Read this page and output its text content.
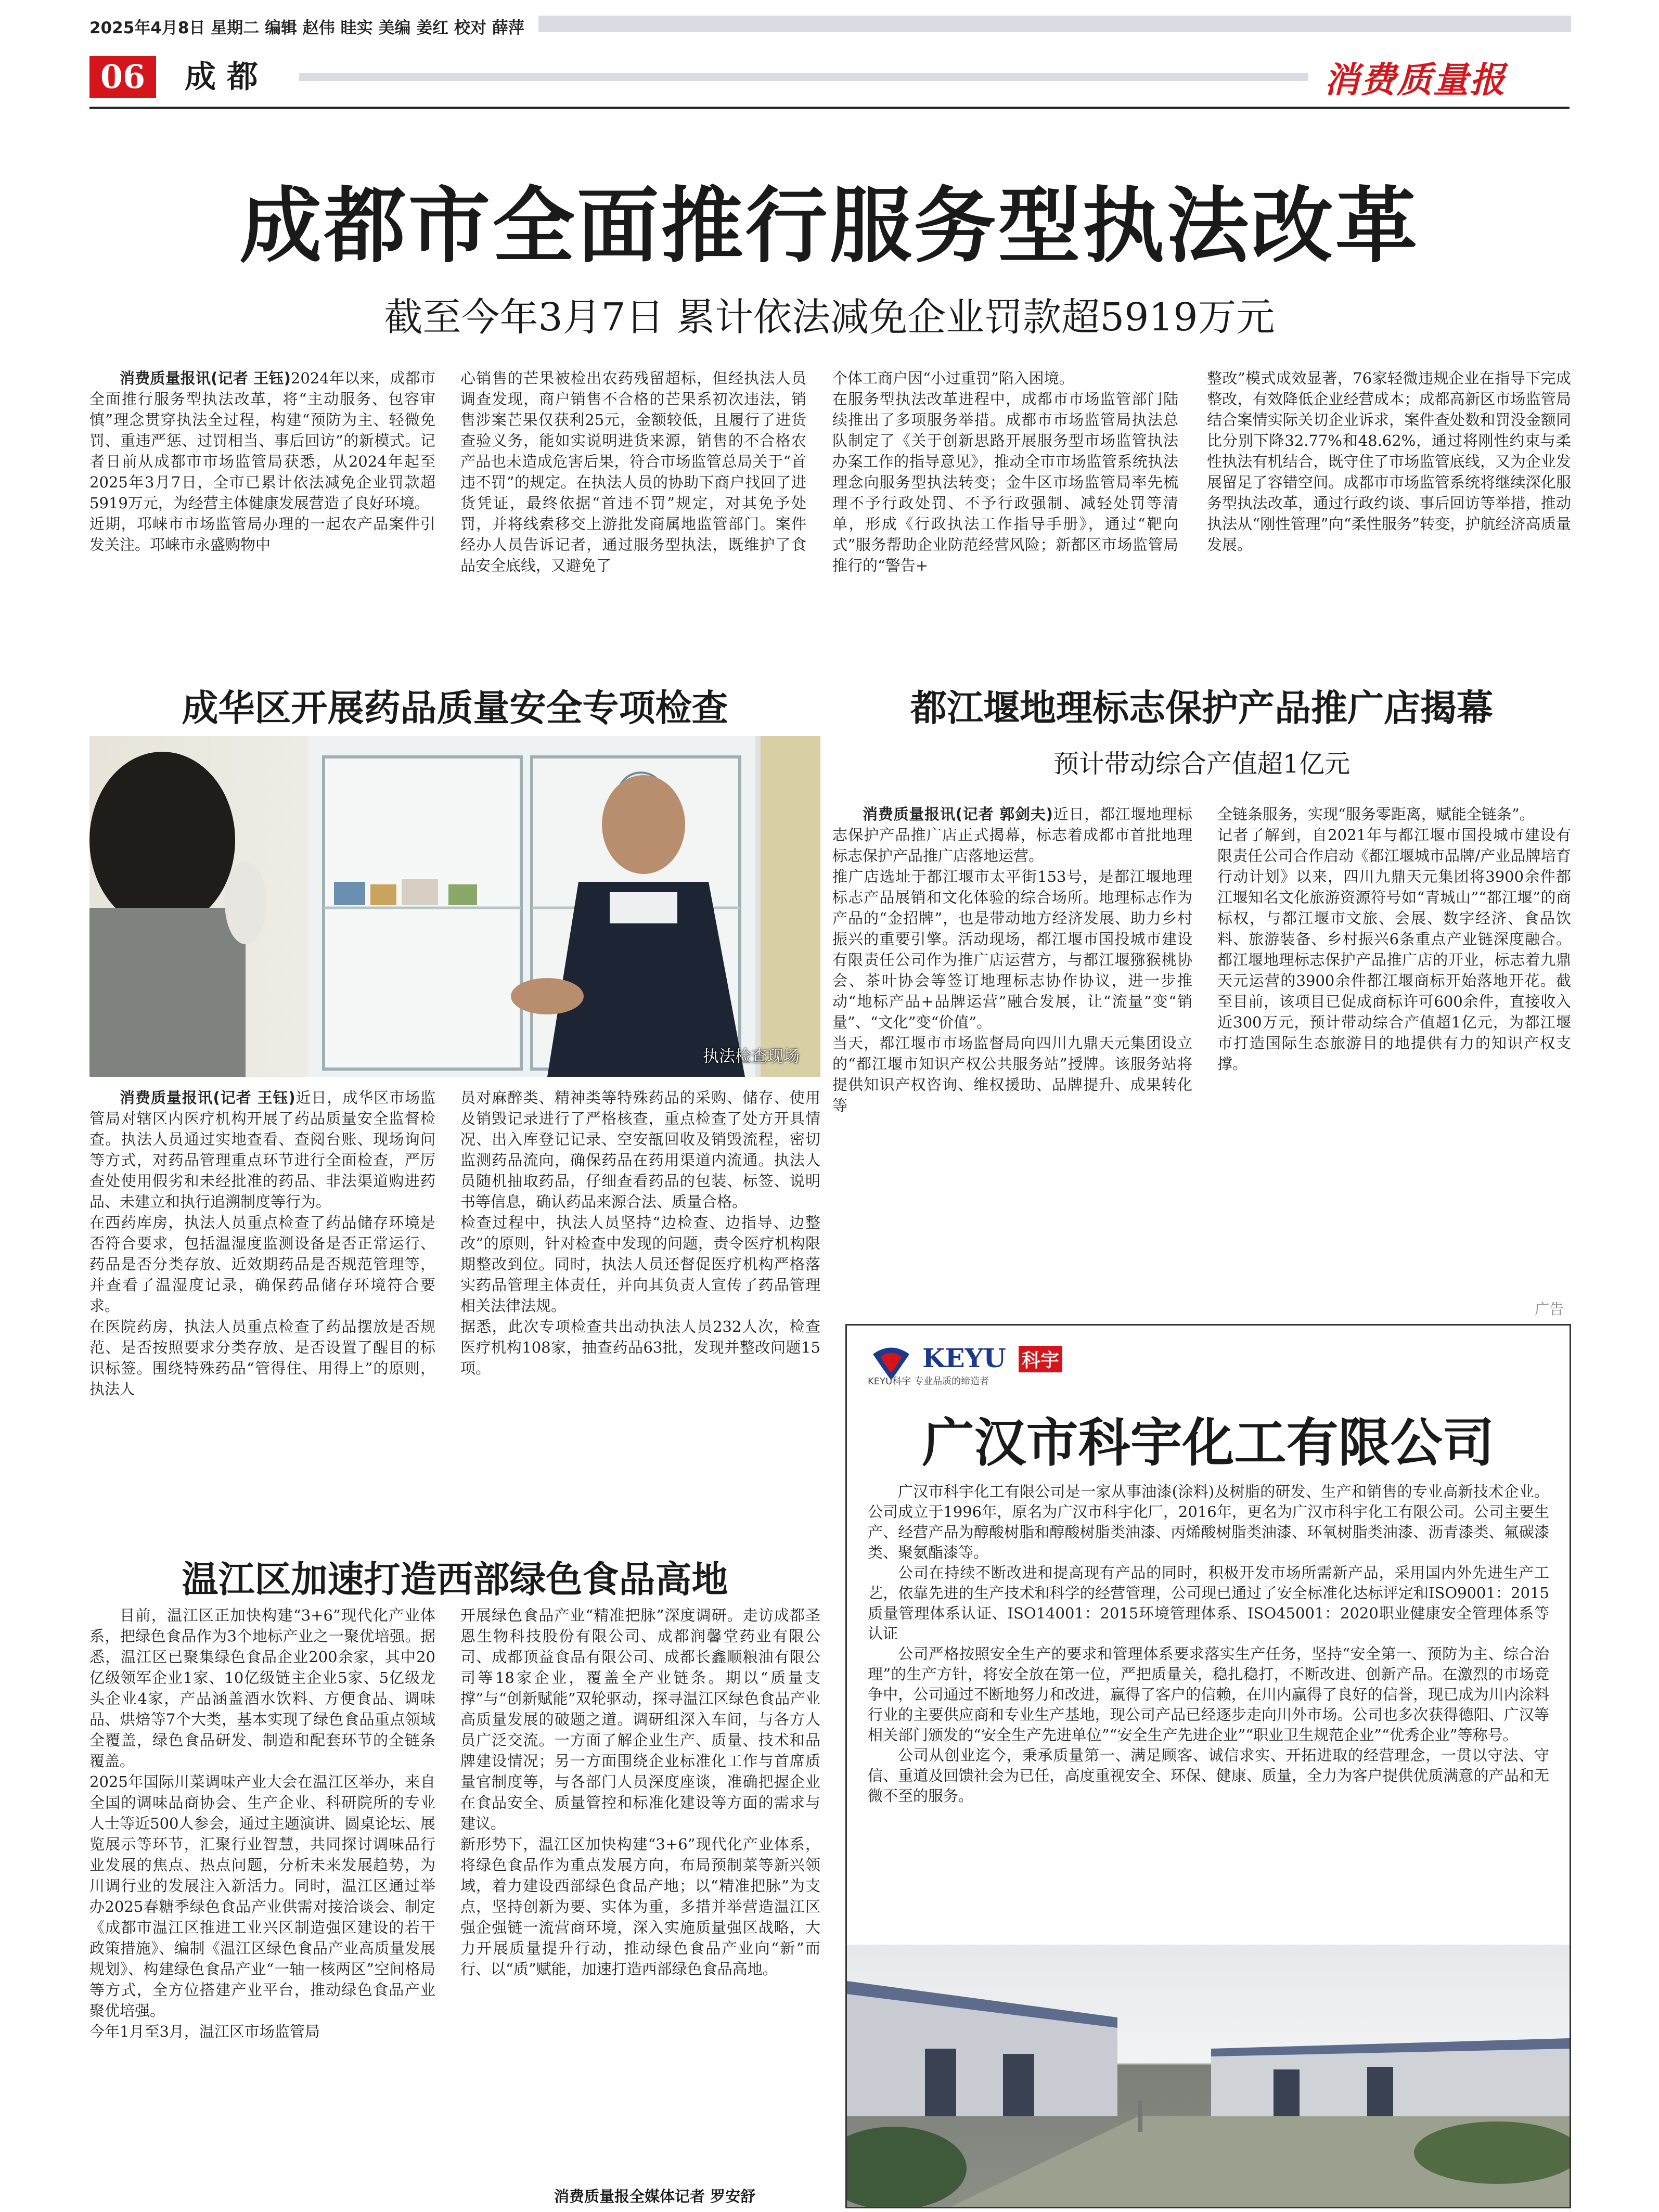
2025年4月8日 星期二 编辑 赵伟 眭实 美编 姜红 校对 薛萍
06	成 都	消费质量报
成都市全面推行服务型执法改革
截至今年3月7日 累计依法减免企业罚款超5919万元

消费质量报讯(记者 王钰)2024年以来，成都市全面推行服务型执法改革，将“主动服务、包容审慎”理念贯穿执法全过程，构建“预防为主、轻微免罚、重违严惩、过罚相当、事后回访”的新模式。记者日前从成都市市场监管局获悉，从2024年起至2025年3月7日，全市已累计依法减免企业罚款超5919万元，为经营主体健康发展营造了良好环境。
近期，邛崃市市场监管局办理的一起农产品案件引发关注。邛崃市永盛购物中

心销售的芒果被检出农药残留超标，但经执法人员调查发现，商户销售不合格的芒果系初次违法，销售涉案芒果仅获利25元，金额较低，且履行了进货查验义务，能如实说明进货来源，销售的不合格农产品也未造成危害后果，符合市场监管总局关于“首违不罚”的规定。在执法人员的协助下商户找回了进货凭证，最终依据“首违不罚”规定，对其免予处罚，并将线索移交上游批发商属地监管部门。案件经办人员告诉记者，通过服务型执法，既维护了食品安全底线，又避免了

个体工商户因“小过重罚”陷入困境。
在服务型执法改革进程中，成都市市场监管部门陆续推出了多项服务举措。成都市市场监管局执法总队制定了《关于创新思路开展服务型市场监管执法办案工作的指导意见》，推动全市市场监管系统执法理念向服务型执法转变；金牛区市场监管局率先梳理不予行政处罚、不予行政强制、减轻处罚等清单，形成《行政执法工作指导手册》，通过“靶向式”服务帮助企业防范经营风险；新都区市场监管局推行的“警告+

整改”模式成效显著，76家轻微违规企业在指导下完成整改，有效降低企业经营成本；成都高新区市场监管局结合案情实际关切企业诉求，案件查处数和罚没金额同比分别下降32.77%和48.62%，通过将刚性约束与柔性执法有机结合，既守住了市场监管底线，又为企业发展留足了容错空间。成都市市场监管系统将继续深化服务型执法改革，通过行政约谈、事后回访等举措，推动执法从“刚性管理”向“柔性服务”转变，护航经济高质量发展。

成华区开展药品质量安全专项检查
执法检查现场

消费质量报讯(记者 王钰)近日，成华区市场监管局对辖区内医疗机构开展了药品质量安全监督检查。执法人员通过实地查看、查阅台账、现场询问等方式，对药品管理重点环节进行全面检查，严厉查处使用假劣和未经批准的药品、非法渠道购进药品、未建立和执行追溯制度等行为。
在西药库房，执法人员重点检查了药品储存环境是否符合要求，包括温湿度监测设备是否正常运行、药品是否分类存放、近效期药品是否规范管理等，并查看了温湿度记录，确保药品储存环境符合要求。
在医院药房，执法人员重点检查了药品摆放是否规范、是否按照要求分类存放、是否设置了醒目的标识标签。围绕特殊药品“管得住、用得上”的原则，执法人

员对麻醉类、精神类等特殊药品的采购、储存、使用及销毁记录进行了严格核查，重点检查了处方开具情况、出入库登记记录、空安瓿回收及销毁流程，密切监测药品流向，确保药品在药用渠道内流通。执法人员随机抽取药品，仔细查看药品的包装、标签、说明书等信息，确认药品来源合法、质量合格。
检查过程中，执法人员坚持“边检查、边指导、边整改”的原则，针对检查中发现的问题，责令医疗机构限期整改到位。同时，执法人员还督促医疗机构严格落实药品管理主体责任，并向其负责人宣传了药品管理相关法律法规。
据悉，此次专项检查共出动执法人员232人次，检查医疗机构108家，抽查药品63批，发现并整改问题15项。

都江堰地理标志保护产品推广店揭幕
预计带动综合产值超1亿元

消费质量报讯(记者 郭剑夫)近日，都江堰地理标志保护产品推广店正式揭幕，标志着成都市首批地理标志保护产品推广店落地运营。
推广店选址于都江堰市太平街153号，是都江堰地理标志产品展销和文化体验的综合场所。地理标志作为产品的“金招牌”，也是带动地方经济发展、助力乡村振兴的重要引擎。活动现场，都江堰市国投城市建设有限责任公司作为推广店运营方，与都江堰猕猴桃协会、茶叶协会等签订地理标志协作协议，进一步推动“地标产品+品牌运营”融合发展，让“流量”变“销量”、“文化”变“价值”。
当天，都江堰市市场监督局向四川九鼎天元集团设立的“都江堰市知识产权公共服务站”授牌。该服务站将提供知识产权咨询、维权援助、品牌提升、成果转化等

全链条服务，实现“服务零距离，赋能全链条”。
记者了解到，自2021年与都江堰市国投城市建设有限责任公司合作启动《都江堰城市品牌/产业品牌培育行动计划》以来，四川九鼎天元集团将3900余件都江堰知名文化旅游资源符号如“青城山”“都江堰”的商标权，与都江堰市文旅、会展、数字经济、食品饮料、旅游装备、乡村振兴6条重点产业链深度融合。都江堰地理标志保护产品推广店的开业，标志着九鼎天元运营的3900余件都江堰商标开始落地开花。截至目前，该项目已促成商标许可600余件，直接收入近300万元，预计带动综合产值超1亿元，为都江堰市打造国际生态旅游目的地提供有力的知识产权支撑。

广告
KEYU 科宇
KEYU科宇 专业品质的缔造者
广汉市科宇化工有限公司

广汉市科宇化工有限公司是一家从事油漆(涂料)及树脂的研发、生产和销售的专业高新技术企业。公司成立于1996年，原名为广汉市科宇化厂，2016年，更名为广汉市科宇化工有限公司。公司主要生产、经营产品为醇酸树脂和醇酸树脂类油漆、丙烯酸树脂类油漆、环氧树脂类油漆、沥青漆类、氟碳漆类、聚氨酯漆等。

公司在持续不断改进和提高现有产品的同时，积极开发市场所需新产品，采用国内外先进生产工艺，依靠先进的生产技术和科学的经营管理，公司现已通过了安全标准化达标评定和ISO9001：2015质量管理体系认证、ISO14001：2015环境管理体系、ISO45001：2020职业健康安全管理体系等认证

公司严格按照安全生产的要求和管理体系要求落实生产任务，坚持“安全第一、预防为主、综合治理”的生产方针，将安全放在第一位，严把质量关，稳扎稳打，不断改进、创新产品。在激烈的市场竞争中，公司通过不断地努力和改进，赢得了客户的信赖，在川内赢得了良好的信誉，现已成为川内涂料行业的主要供应商和专业生产基地，现公司产品已经逐步走向川外市场。公司也多次获得德阳、广汉等相关部门颁发的“安全生产先进单位”“安全生产先进企业”“职业卫生规范企业”“优秀企业”等称号。

公司从创业迄今，秉承质量第一、满足顾客、诚信求实、开拓进取的经营理念，一贯以守法、守信、重道及回馈社会为已任，高度重视安全、环保、健康、质量，全力为客户提供优质满意的产品和无微不至的服务。

温江区加速打造西部绿色食品高地

目前，温江区正加快构建“3+6”现代化产业体系，把绿色食品作为3个地标产业之一聚优培强。据悉，温江区已聚集绿色食品企业200余家，其中20亿级领军企业1家、10亿级链主企业5家、5亿级龙头企业4家，产品涵盖酒水饮料、方便食品、调味品、烘焙等7个大类，基本实现了绿色食品重点领域全覆盖，绿色食品研发、制造和配套环节的全链条覆盖。
2025年国际川菜调味产业大会在温江区举办，来自全国的调味品商协会、生产企业、科研院所的专业人士等近500人参会，通过主题演讲、圆桌论坛、展览展示等环节，汇聚行业智慧，共同探讨调味品行业发展的焦点、热点问题，分析未来发展趋势，为川调行业的发展注入新活力。同时，温江区通过举办2025春糖季绿色食品产业供需对接洽谈会、制定《成都市温江区推进工业兴区制造强区建设的若干政策措施》、编制《温江区绿色食品产业高质量发展规划》、构建绿色食品产业“一轴一核两区”空间格局等方式，全方位搭建产业平台，推动绿色食品产业聚优培强。
今年1月至3月，温江区市场监管局

开展绿色食品产业“精准把脉”深度调研。走访成都圣恩生物科技股份有限公司、成都润馨堂药业有限公司、成都顶益食品有限公司、成都长鑫顺粮油有限公司等18家企业，覆盖全产业链条。期以“质量支撑”与“创新赋能”双轮驱动，探寻温江区绿色食品产业高质量发展的破题之道。调研组深入车间，与各方人员广泛交流。一方面了解企业生产、质量、技术和品牌建设情况；另一方面围绕企业标准化工作与首席质量官制度等，与各部门人员深度座谈，准确把握企业在食品安全、质量管控和标准化建设等方面的需求与建议。
新形势下，温江区加快构建“3+6”现代化产业体系，将绿色食品作为重点发展方向，布局预制菜等新兴领域，着力建设西部绿色食品产地；以“精准把脉”为支点，坚持创新为要、实体为重，多措并举营造温江区强企强链一流营商环境，深入实施质量强区战略，大力开展质量提升行动，推动绿色食品产业向“新”而行、以“质”赋能，加速打造西部绿色食品高地。

消费质量报全媒体记者 罗安舒
